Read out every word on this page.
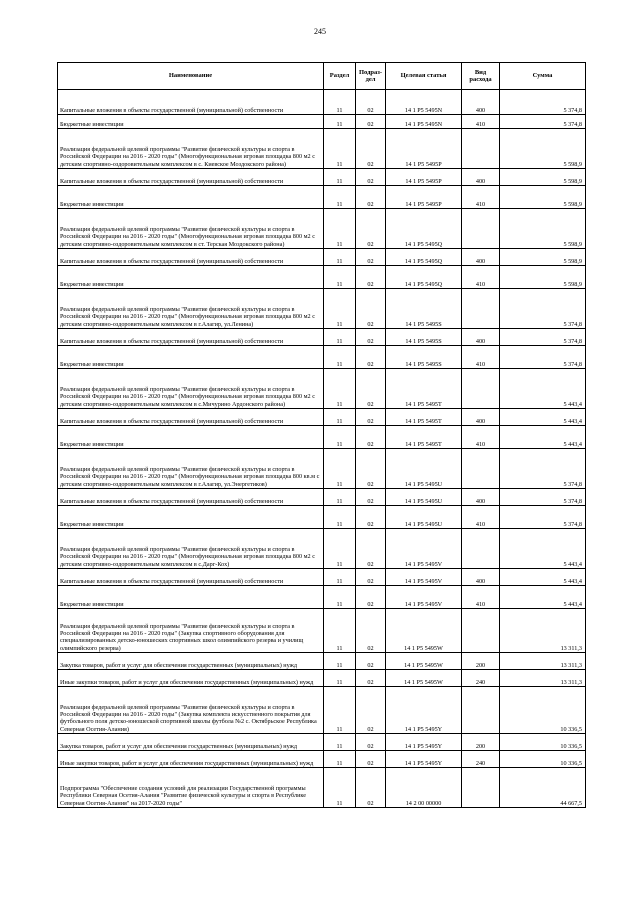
245
Наименование	Раздел	Подраз-дел	Целевая статья	Вид расхода	Сумма
Капитальные вложения в объекты государственной (муниципальной) собственности	11	02	14 1 P5 5495N	400	5 374,8
Бюджетные инвестиции	11	02	14 1 P5 5495N	410	5 374,8
Реализация федеральной целевой программы "Развитие физической культуры и спорта в Российской Федерации на 2016 - 2020 годы" (Многофункциональная игровая площадка 800 м2 с детским спортивно-оздоровительным комплексом в с. Киевское Моздокского района)	11	02	14 1 P5 5495P		5 598,9
Капитальные вложения в объекты государственной (муниципальной) собственности	11	02	14 1 P5 5495P	400	5 598,9
Бюджетные инвестиции	11	02	14 1 P5 5495P	410	5 598,9
Реализация федеральной целевой программы "Развитие физической культуры и спорта в Российской Федерации на 2016 - 2020 годы" (Многофункциональная игровая площадка 800 м2 с детским спортивно-оздоровительным комплексом в ст. Терская Моздокского района)	11	02	14 1 P5 5495Q		5 598,9
Капитальные вложения в объекты государственной (муниципальной) собственности	11	02	14 1 P5 5495Q	400	5 598,9
Бюджетные инвестиции	11	02	14 1 P5 5495Q	410	5 598,9
Реализация федеральной целевой программы "Развитие физической культуры и спорта в Российской Федерации на 2016 - 2020 годы" (Многофункциональная игровая площадка 800 м2 с детским спортивно-оздоровительным комплексом в г.Алагир, ул.Ленина)	11	02	14 1 P5 5495S		5 374,8
Капитальные вложения в объекты государственной (муниципальной) собственности	11	02	14 1 P5 5495S	400	5 374,8
Бюджетные инвестиции	11	02	14 1 P5 5495S	410	5 374,8
Реализация федеральной целевой программы "Развитие физической культуры и спорта в Российской Федерации на 2016 - 2020 годы" (Многофункциональная игровая площадка 800 м2 с детским спортивно-оздоровительным комплексом в с.Мичурино Ардонского района)	11	02	14 1 P5 5495T		5 443,4
Капитальные вложения в объекты государственной (муниципальной) собственности	11	02	14 1 P5 5495T	400	5 443,4
Бюджетные инвестиции	11	02	14 1 P5 5495T	410	5 443,4
Реализация федеральной целевой программы "Развитие физической культуры и спорта в Российской Федерации на 2016 - 2020 годы" (Многофункциональная игровая площадка 800 кв.м с детским спортивно-оздоровительным комплексом в г.Алагир, ул.Энергетиков)	11	02	14 1 P5 5495U		5 374,8
Капитальные вложения в объекты государственной (муниципальной) собственности	11	02	14 1 P5 5495U	400	5 374,8
Бюджетные инвестиции	11	02	14 1 P5 5495U	410	5 374,8
Реализация федеральной целевой программы "Развитие физической культуры и спорта в Российской Федерации на 2016 - 2020 годы" (Многофункциональная игровая площадка 800 м2 с детским спортивно-оздоровительным комплексом в с.Дарг-Кох)	11	02	14 1 P5 5495V		5 443,4
Капитальные вложения в объекты государственной (муниципальной) собственности	11	02	14 1 P5 5495V	400	5 443,4
Бюджетные инвестиции	11	02	14 1 P5 5495V	410	5 443,4
Реализация федеральной целевой программы "Развитие физической культуры и спорта в Российской Федерации на 2016 - 2020 годы" (Закупка спортивного оборудования для специализированных детско-юношеских спортивных школ олимпийского резерва и училищ олимпийского резерва)	11	02	14 1 P5 5495W		13 311,3
Закупка товаров, работ и услуг для обеспечения государственных (муниципальных) нужд	11	02	14 1 P5 5495W	200	13 311,3
Иные закупки товаров, работ и услуг для обеспечения государственных (муниципальных) нужд	11	02	14 1 P5 5495W	240	13 311,3
Реализация федеральной целевой программы "Развитие физической культуры и спорта в Российской Федерации на 2016 - 2020 годы" (Закупка комплекта искусственного покрытия для футбольного поля детско-юношеской спортивной школы футбола №2 с. Октябрьское Республика Северная Осетия-Алания)	11	02	14 1 P5 5495Y		10 336,5
Закупка товаров, работ и услуг для обеспечения государственных (муниципальных) нужд	11	02	14 1 P5 5495Y	200	10 336,5
Иные закупки товаров, работ и услуг для обеспечения государственных (муниципальных) нужд	11	02	14 1 P5 5495Y	240	10 336,5
Подпрограмма "Обеспечение создания условий для реализации Государственной программы Республики Северная Осетия-Алания "Развитие физической культуры и спорта в Республике Северная Осетия-Алания" на 2017-2020 годы"	11	02	14 2 00 00000		44 667,5
